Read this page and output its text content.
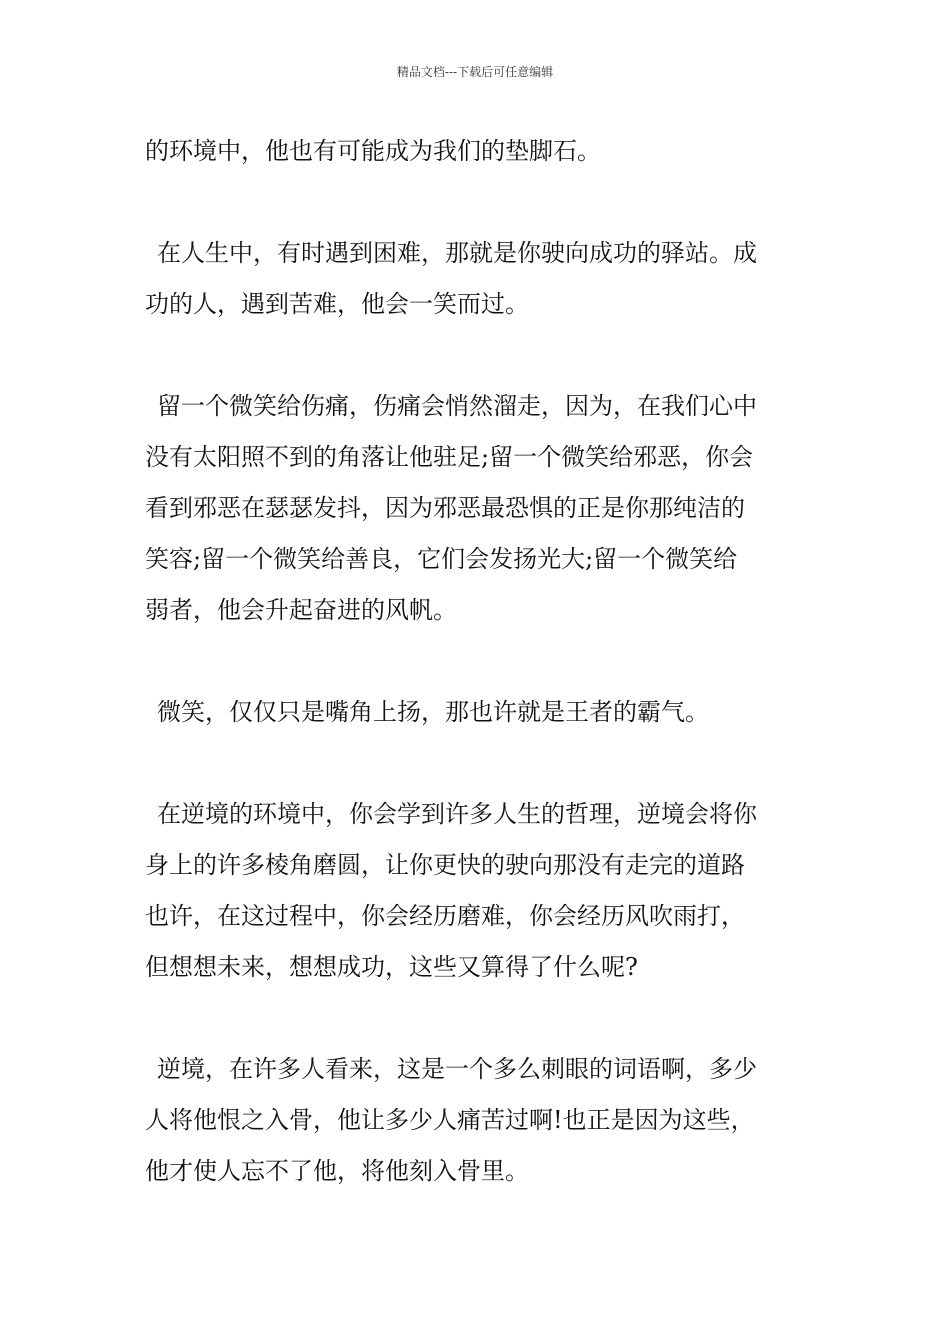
精品文档---下载后可任意编辑

的环境中，他也有可能成为我们的垫脚石。

在人生中，有时遇到困难，那就是你驶向成功的驿站。成
功的人，遇到苦难，他会一笑而过。

留一个微笑给伤痛，伤痛会悄然溜走，因为，在我们心中
没有太阳照不到的角落让他驻足;留一个微笑给邪恶，你会
看到邪恶在瑟瑟发抖，因为邪恶最恐惧的正是你那纯洁的
笑容;留一个微笑给善良，它们会发扬光大;留一个微笑给
弱者，他会升起奋进的风帆。

微笑，仅仅只是嘴角上扬，那也许就是王者的霸气。

在逆境的环境中，你会学到许多人生的哲理，逆境会将你
身上的许多棱角磨圆，让你更快的驶向那没有走完的道路
也许，在这过程中，你会经历磨难，你会经历风吹雨打，
但想想未来，想想成功，这些又算得了什么呢?

逆境，在许多人看来，这是一个多么刺眼的词语啊，多少
人将他恨之入骨，他让多少人痛苦过啊!也正是因为这些，
他才使人忘不了他，将他刻入骨里。
